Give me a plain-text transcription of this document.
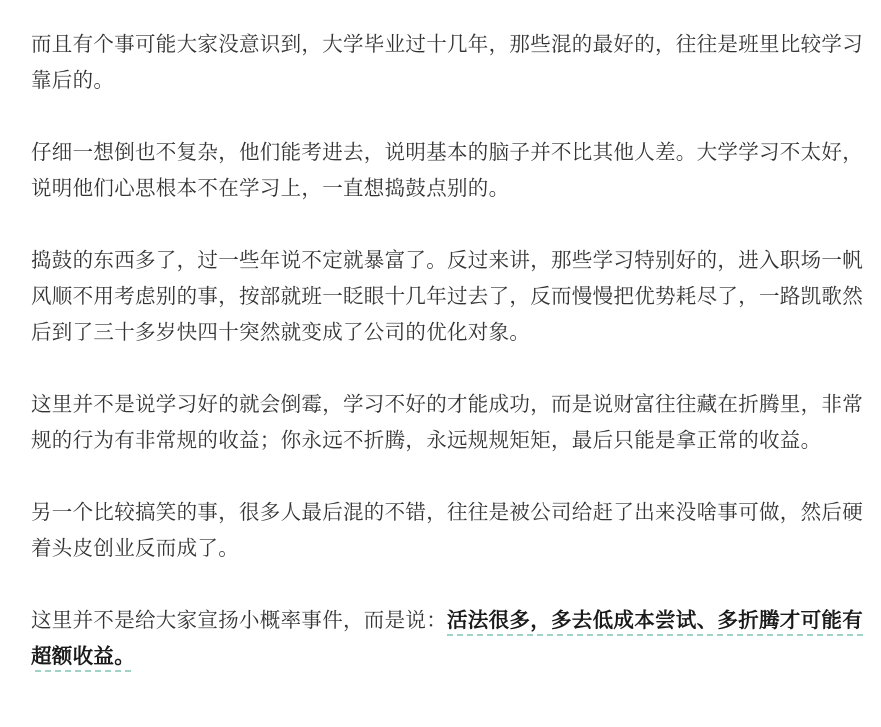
而且有个事可能大家没意识到，大学毕业过十几年，那些混的最好的，往往是班里比较学习靠后的。

仔细一想倒也不复杂，他们能考进去，说明基本的脑子并不比其他人差。大学学习不太好，说明他们心思根本不在学习上，一直想捣鼓点别的。

捣鼓的东西多了，过一些年说不定就暴富了。反过来讲，那些学习特别好的，进入职场一帆风顺不用考虑别的事，按部就班一眨眼十几年过去了，反而慢慢把优势耗尽了，一路凯歌然后到了三十多岁快四十突然就变成了公司的优化对象。

这里并不是说学习好的就会倒霉，学习不好的才能成功，而是说财富往往藏在折腾里，非常规的行为有非常规的收益；你永远不折腾，永远规规矩矩，最后只能是拿正常的收益。

另一个比较搞笑的事，很多人最后混的不错，往往是被公司给赶了出来没啥事可做，然后硬着头皮创业反而成了。

这里并不是给大家宣扬小概率事件，而是说：活法很多，多去低成本尝试、多折腾才可能有超额收益。
